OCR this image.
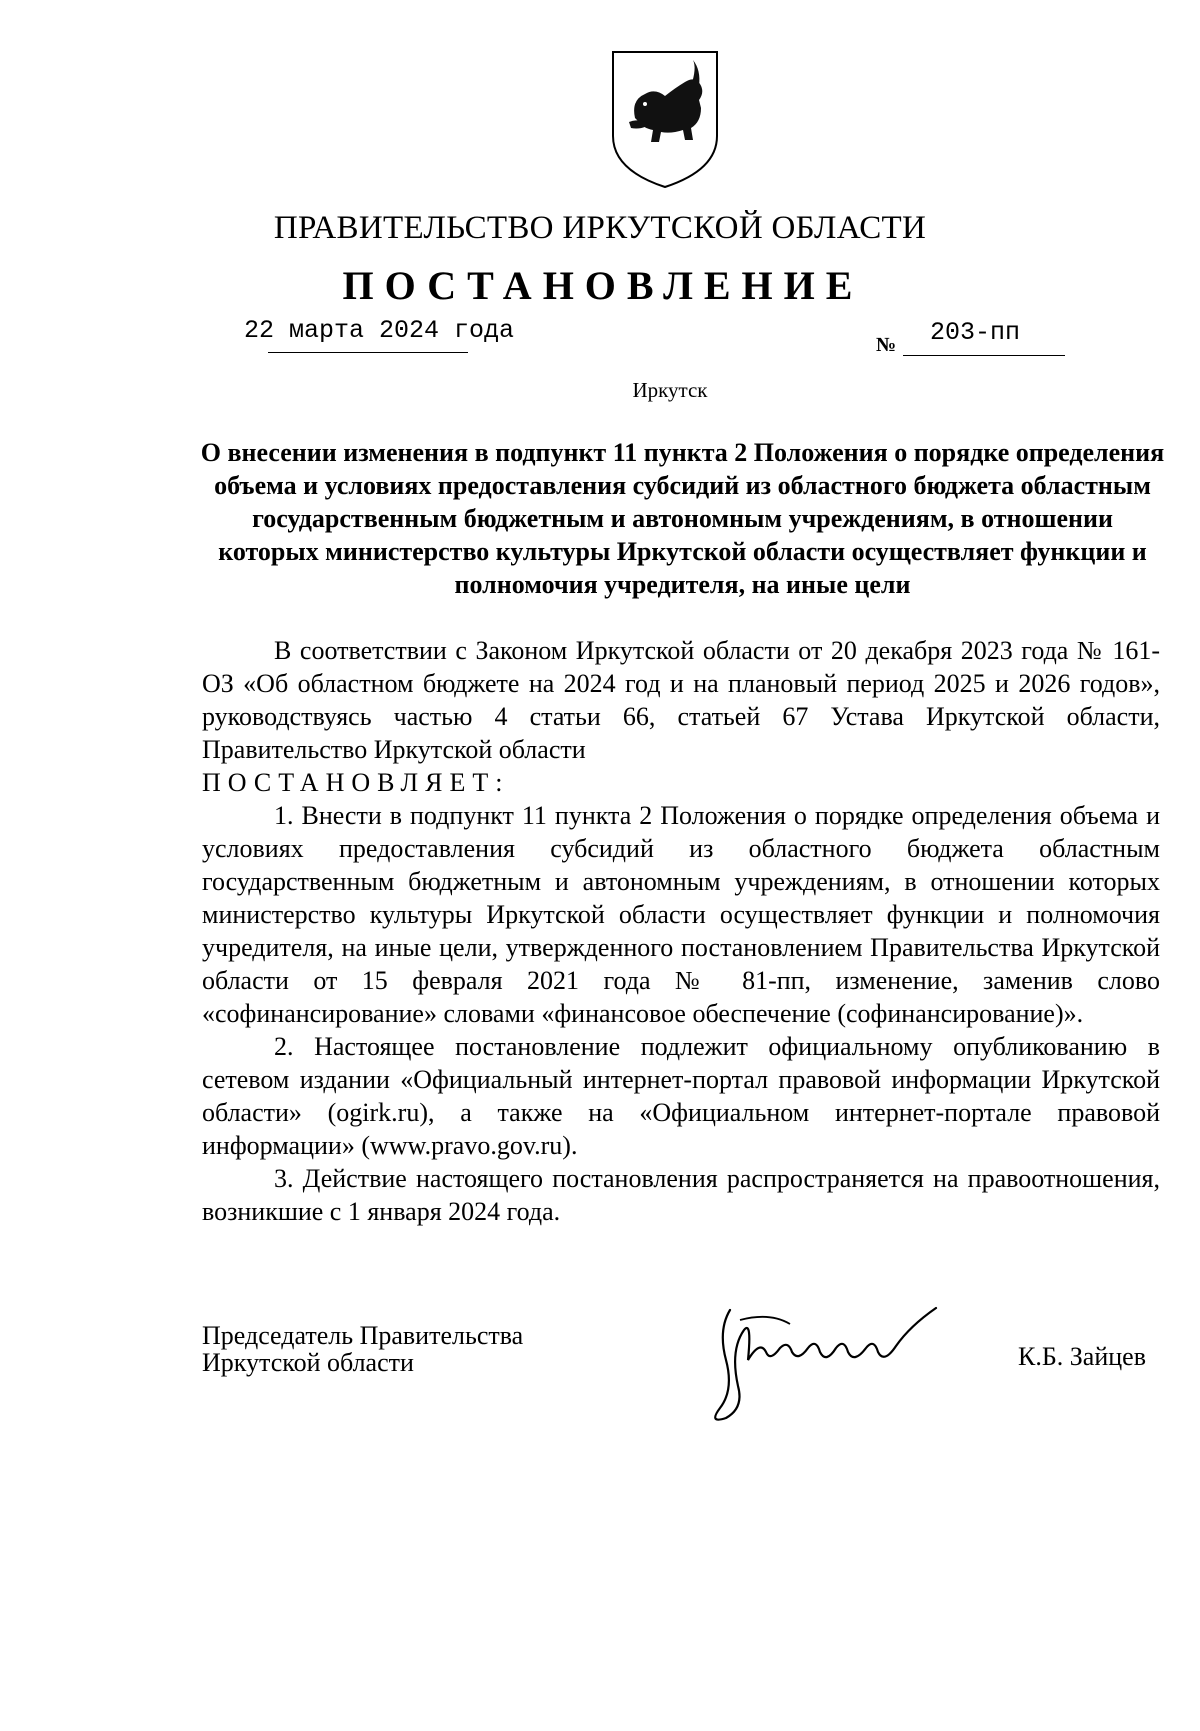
ПРАВИТЕЛЬСТВО ИРКУТСКОЙ ОБЛАСТИ
ПОСТАНОВЛЕНИЕ
22 марта 2024 года	№ 203-пп
Иркутск
О внесении изменения в подпункт 11 пункта 2 Положения о порядке определения объема и условиях предоставления субсидий из областного бюджета областным государственным бюджетным и автономным учреждениям, в отношении которых министерство культуры Иркутской области осуществляет функции и полномочия учредителя, на иные цели

В соответствии с Законом Иркутской области от 20 декабря 2023 года № 161-ОЗ «Об областном бюджете на 2024 год и на плановый период 2025 и 2026 годов», руководствуясь частью 4 статьи 66, статьей 67 Устава Иркутской области, Правительство Иркутской области

ПОСТАНОВЛЯЕТ:

1. Внести в подпункт 11 пункта 2 Положения о порядке определения объема и условиях предоставления субсидий из областного бюджета областным государственным бюджетным и автономным учреждениям, в отношении которых министерство культуры Иркутской области осуществляет функции и полномочия учредителя, на иные цели, утвержденного постановлением Правительства Иркутской области от 15 февраля 2021 года № 81-пп, изменение, заменив слово «софинансирование» словами «финансовое обеспечение (софинансирование)».

2. Настоящее постановление подлежит официальному опубликованию в сетевом издании «Официальный интернет-портал правовой информации Иркутской области» (ogirk.ru), а также на «Официальном интернет-портале правовой информации» (www.pravo.gov.ru).

3. Действие настоящего постановления распространяется на правоотношения, возникшие с 1 января 2024 года.

Председатель Правительства
Иркутской области	К.Б. Зайцев
